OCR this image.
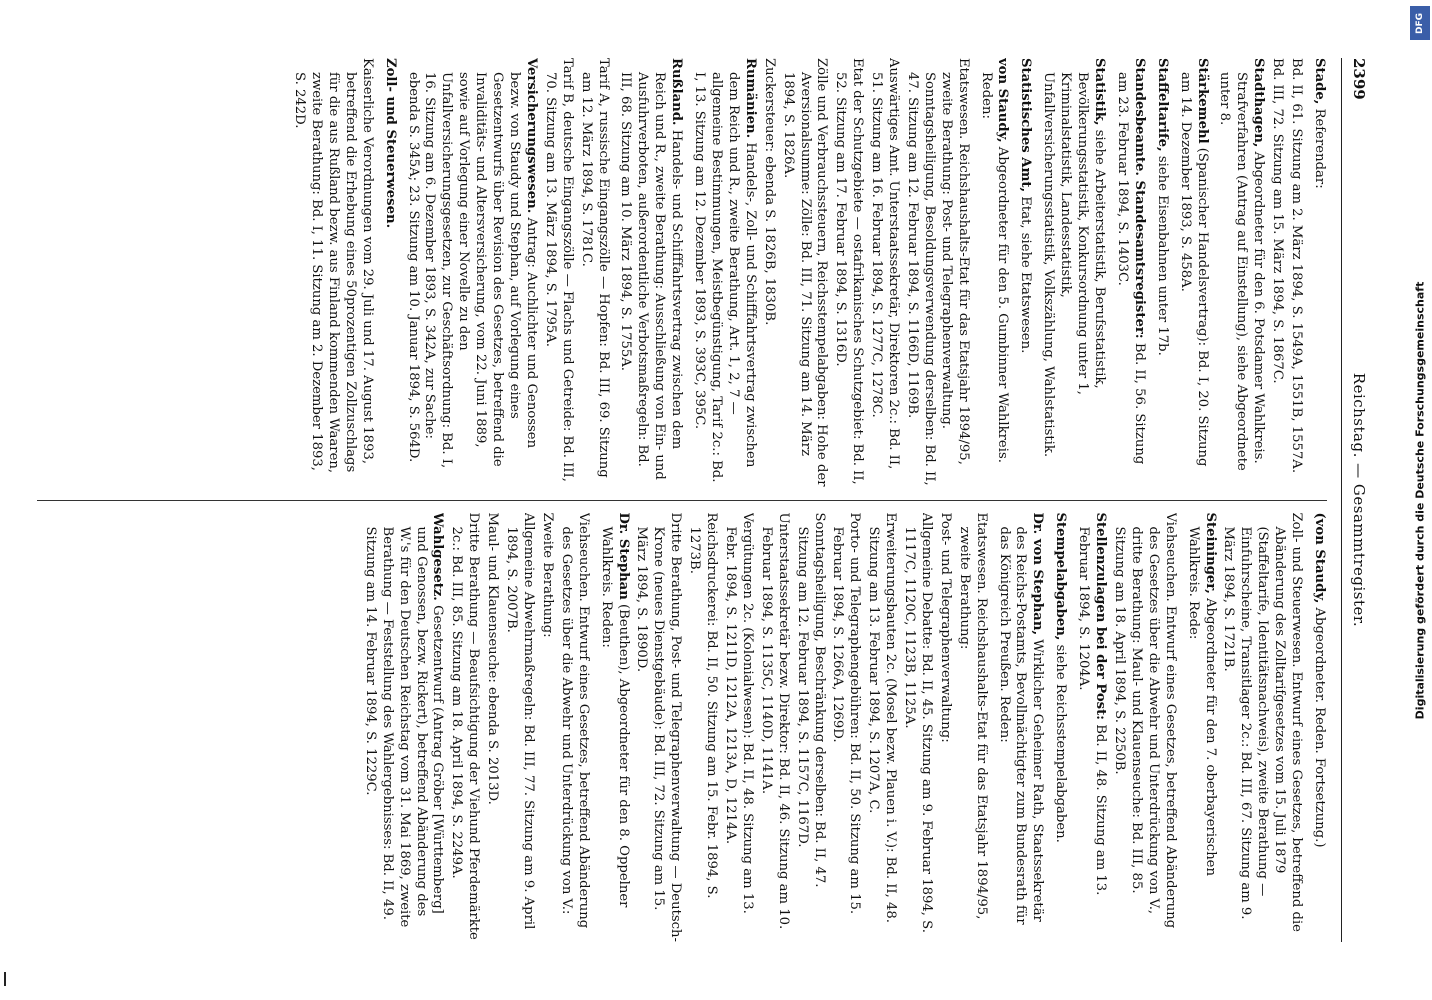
2399
Reichstag. — Gesammtregister.
Stade, Referendar:
Bd. II, 61. Sitzung am 2. März 1894, S. 1549A, 1551B, 1557A.
Bd. III, 72. Sitzung am 15. März 1894, S. 1867C.
Stadthagen, Abgeordneter für den 6. Potsdamer Wahlkreis. Strafverfahren (Antrag auf Einstellung), siehe Abgeordnete unter 8.
Stärkemehl (Spanischer Handelsvertrag): Bd. I, 20. Sitzung am 14. Dezember 1893, S. 458A.
Staffeltarife, siehe Eisenbahnen unter 17b.
Standesbeamte. Standesamtsregister: Bd. II, 56. Sitzung am 23. Februar 1894, S. 1403C.
Statistik, siehe Arbeiterstatistik, Berufsstatistik, Bevölkerungsstatistik, Konkursordnung unter 1, Kriminalstatistik, Landesstatistik, Unfallversicherungsstatistik, Volkszählung, Wahlstatistik.
Statistisches Amt, Etat, siehe Etatswesen.
von Staudy, Abgeordneter für den 5. Gumbinner Wahlkreis. Reden:
Etatswesen. Reichshaushalts-Etat für das Etatsjahr 1894/95, zweite Berathung: Post- und Telegraphenverwaltung. Sonntagsheiligung, Besoldungsverwendung derselben: Bd. II, 47. Sitzung am 12. Februar 1894, S. 1166D, 1169B.
Auswärtiges Amt. Unterstaatssekretär, Direktoren 2c.: Bd. II, 51. Sitzung am 16. Februar 1894, S. 1277C, 1278C.
Etat der Schutzgebiete — ostafrikanisches Schutzgebiet: Bd. II, 52. Sitzung am 17. Februar 1894, S. 1316D.
Zölle und Verbrauchssteuern, Reichsstempelabgaben: Hohe der Aversionalsumme: Zölle: Bd. III, 71. Sitzung am 14. März 1894, S. 1826A.
Zuckersteuer: ebenda S. 1826B, 1830B.
Rumänien. Handels-, Zoll- und Schifffahrtsvertrag zwischen dem Reich und R., zweite Berathung, Art. 1, 2, 7 — allgemeine Bestimmungen, Meistbegünstigung, Tarif 2c.: Bd. I, 13. Sitzung am 12. Dezember 1893, S. 393C, 395C.
Rußland. Handels- und Schifffahrtsvertrag zwischen dem Reich und R., zweite Berathung: Ausschließung von Ein- und Ausfuhrverboten, außerordentliche Verbotsmaßregeln: Bd. III, 68. Sitzung am 10. März 1894, S. 1755A.
Tarif A, russische Eingangszölle — Hopfen: Bd. III, 69. Sitzung am 12. März 1894, S. 1781C.
Tarif B, deutsche Eingangszölle — Flachs und Getreide: Bd. III, 70. Sitzung am 13. März 1894, S. 1795A.
Versicherungswesen. Antrag: Auchlichter und Genossen bezw. von Staudy und Stephan, auf Vorlegung eines Gesetzentwurfs über Revision des Gesetzes, betreffend die Invaliditäts- und Altersversicherung, vom 22. Juni 1889, sowie auf Vorlegung einer Novelle zu den Unfallversicherungsgesetzen, zur Geschäftsordnung: Bd. I, 16. Sitzung am 6. Dezember 1893, S. 342A, zur Sache: ebenda S. 345A; 23. Sitzung am 10. Januar 1894, S. 564D.
Zoll- und Steuerwesen.
Kaiserliche Verordnungen vom 29. Juli und 17. August 1893, betreffend die Erhebung eines 50prozentigen Zollzuschlags für die aus Rußland bezw. aus Finland kommenden Waaren, zweite Berathung: Bd. I, 11. Sitzung am 2. Dezember 1893, S. 242D.
(von Staudy, Abgeordneter. Reden. Fortsetzung.)
Zoll- und Steuerwesen. Entwurf eines Gesetzes, betreffend die Abänderung des Zolltarifgesetzes vom 15. Juli 1879 (Staffeltarife, Identitätsnachweis), zweite Berathung — Einfuhrscheine, Transitlager 2c.: Bd. III, 67. Sitzung am 9. März 1894, S. 1721B.
Steininger, Abgeordneter für den 7. oberbayerischen Wahlkreis. Rede:
Viehseuchen. Entwurf eines Gesetzes, betreffend Abänderung des Gesetzes über die Abwehr und Unterdrückung von V., dritte Berathung: Maul- und Klauenseuche: Bd. III, 85. Sitzung am 18. April 1894, S. 2250B.
Stellenzulagen bei der Post: Bd. II, 48. Sitzung am 13. Februar 1894, S. 1204A.
Stempelabgaben, siehe Reichsstempelabgaben.
Dr. von Stephan, Wirklicher Geheimer Rath, Staatssekretär des Reichs-Postamts, Bevollmächtigter zum Bundesrath für das Königreich Preußen. Reden:
Etatswesen. Reichshaushalts-Etat für das Etatsjahr 1894/95, zweite Berathung:
Post- und Telegraphenverwaltung:
Allgemeine Debatte: Bd. II, 45. Sitzung am 9. Februar 1894, S. 1117C, 1120C, 1123B, 1125A.
Erweiterungsbauten 2c. (Mosel bezw. Plauen i. V.): Bd. II, 48. Sitzung am 13. Februar 1894, S. 1207A, C.
Porto- und Telegraphengebühren: Bd. II, 50. Sitzung am 15. Februar 1894, S. 1266A, 1269D.
Sonntagsheiligung, Beschränkung derselben: Bd. II, 47. Sitzung am 12. Februar 1894, S. 1157C, 1167D.
Unterstaatssekretär bezw. Direktor: Bd. II, 46. Sitzung am 10. Februar 1894, S. 1135C, 1140D, 1141A.
Vergütungen 2c. (Kolonialwesen): Bd. II, 48. Sitzung am 13. Febr. 1894, S. 1211D, 1212A, 1213A, D, 1214A.
Reichsdruckerei: Bd. II, 50. Sitzung am 15. Febr. 1894, S. 1273B.
Dritte Berathung, Post- und Telegraphenverwaltung — Deutsch-Krone (neues Dienstgebäude): Bd. III, 72. Sitzung am 15. März 1894, S. 1890D.
Dr. Stephan (Beuthen), Abgeordneter für den 8. Oppelner Wahlkreis. Reden:
Viehseuchen. Entwurf eines Gesetzes, betreffend Abänderung des Gesetzes über die Abwehr und Unterdrückung von V.:
Zweite Berathung:
Allgemeine Abwehrmaßregeln: Bd. III, 77. Sitzung am 9. April 1894, S. 2007B.
Maul- und Klauenseuche: ebenda S. 2013D.
Dritte Berathung — Beaufsichtigung der Viehund Pferdemärkte 2c.: Bd. III, 85. Sitzung am 18. April 1894, S. 2249A.
Wahlgesetz. Gesetzentwurf (Antrag Gröber [Württemberg] und Genossen, bezw. Rickert), betreffend Abänderung des W.'s für den Deutschen Reichstag vom 31. Mai 1869, zweite Berathung — Feststellung des Wahlergebnisses: Bd. II, 49. Sitzung am 14. Februar 1894, S. 1229C.	Digitalisierung gefördert durch die Deutsche Forschungsgemeinschaft
DFG
